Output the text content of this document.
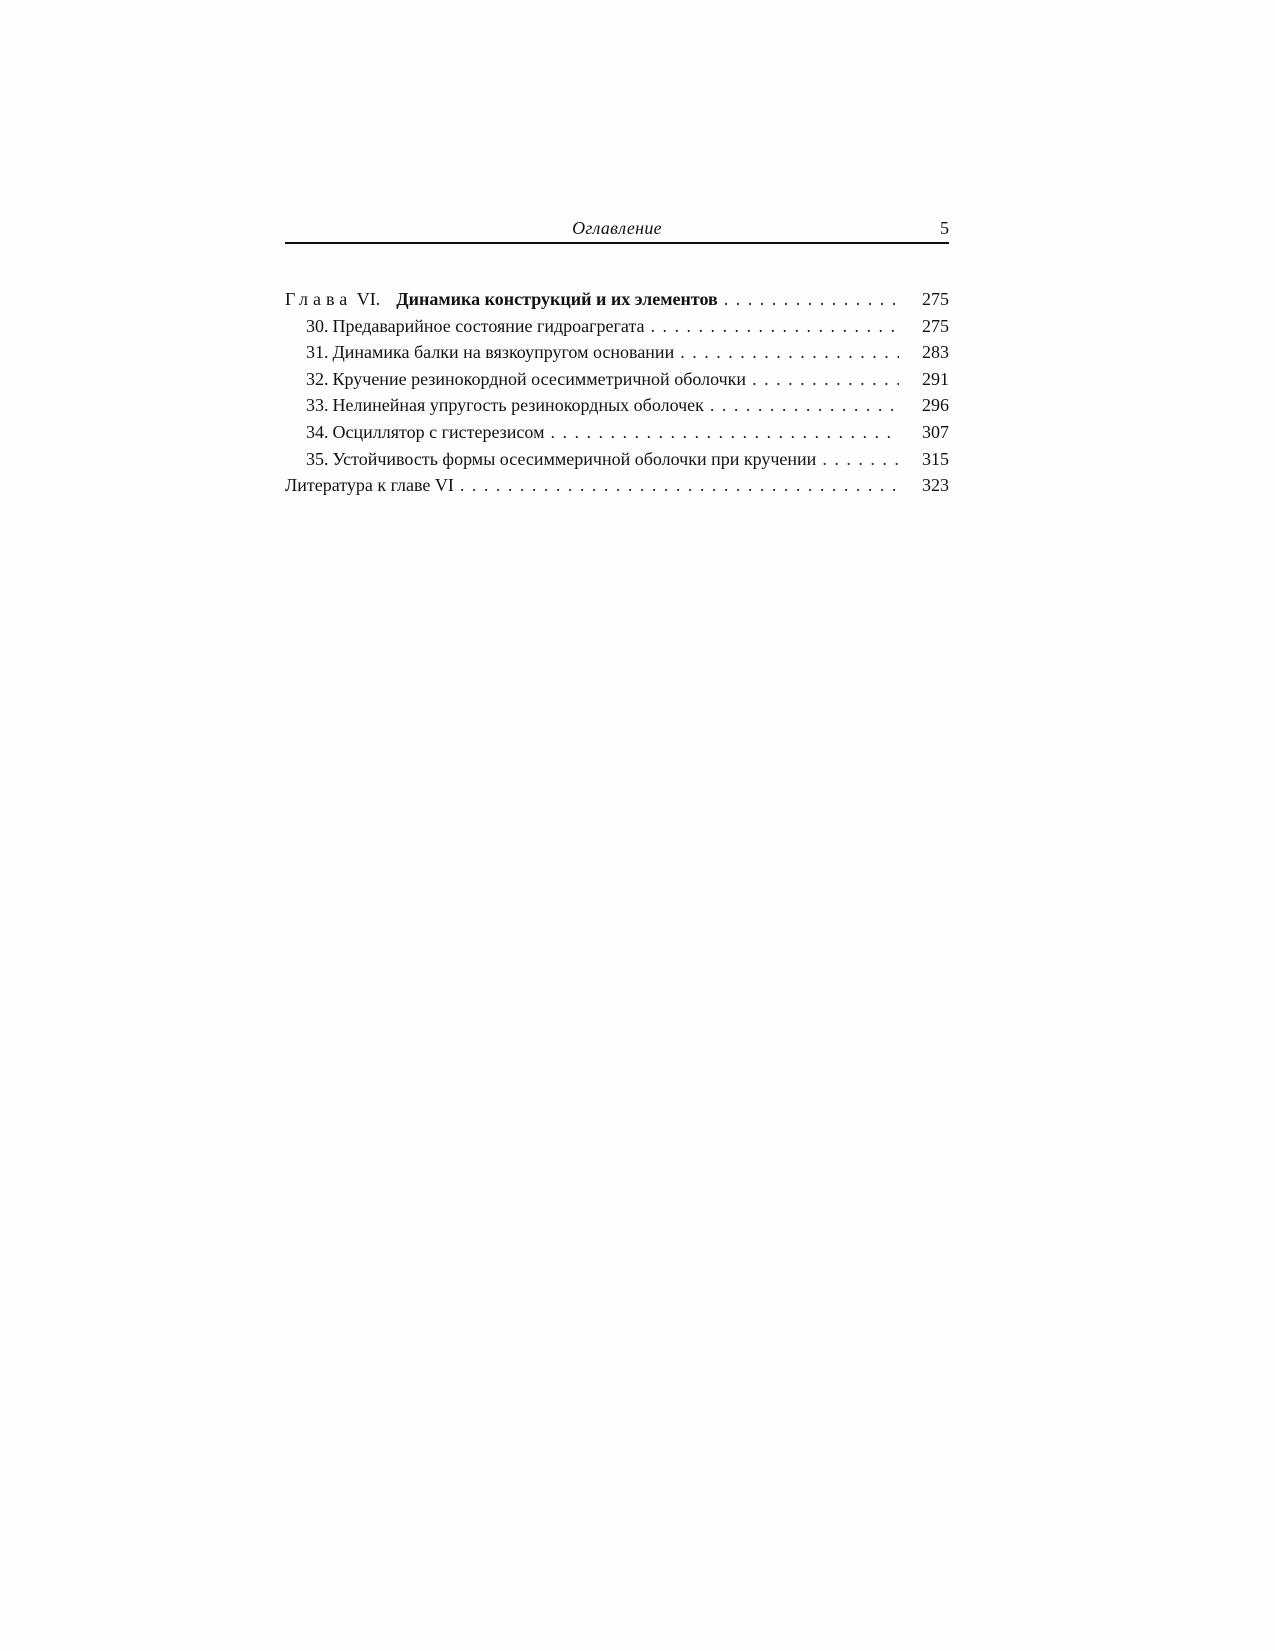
Оглавление	5
Глава VI. Динамика конструкций и их элементов . . .	275
30. Предаварийное состояние гидроагрегата . . .	275
31. Динамика балки на вязкоупругом основании . . .	283
32. Кручение резинокордной осесимметричной оболочки . . .	291
33. Нелинейная упругость резинокордных оболочек . . .	296
34. Осциллятор с гистерезисом . . .	307
35. Устойчивость формы осесиммеричной оболочки при кручении . . .	315
Литература к главе VI . . .	323
